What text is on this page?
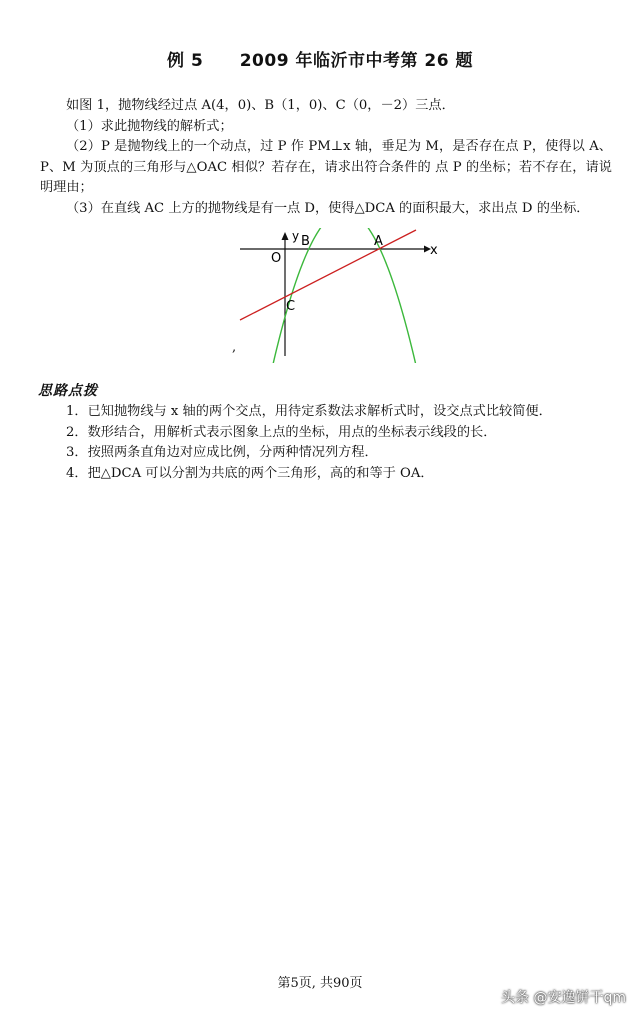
例 5 2009 年临沂市中考第 26 题

如图 1，抛物线经过点 A(4，0)、B（1，0)、C（0，－2）三点．

（1）求此抛物线的解析式；

（2）P 是抛物线上的一个动点，过 P 作 PM⊥x 轴，垂足为 M，是否存在点 P，使得以 A、P、M 为顶点的三角形与△OAC 相似？若存在，请求出符合条件的 点 P 的坐标；若不存在，请说明理由；

（3）在直线 AC 上方的抛物线是有一点 D，使得△DCA 的面积最大，求出点 D 的坐标．

y
x
O
B	A
C
,
思路点拨

1．已知抛物线与 x 轴的两个交点，用待定系数法求解析式时，设交点式比较简便．

2．数形结合，用解析式表示图象上点的坐标，用点的坐标表示线段的长．

3．按照两条直角边对应成比例，分两种情况列方程．

4．把△DCA 可以分割为共底的两个三角形，高的和等于 OA．

第5页, 共90页
头条 @安逸饼干qm
